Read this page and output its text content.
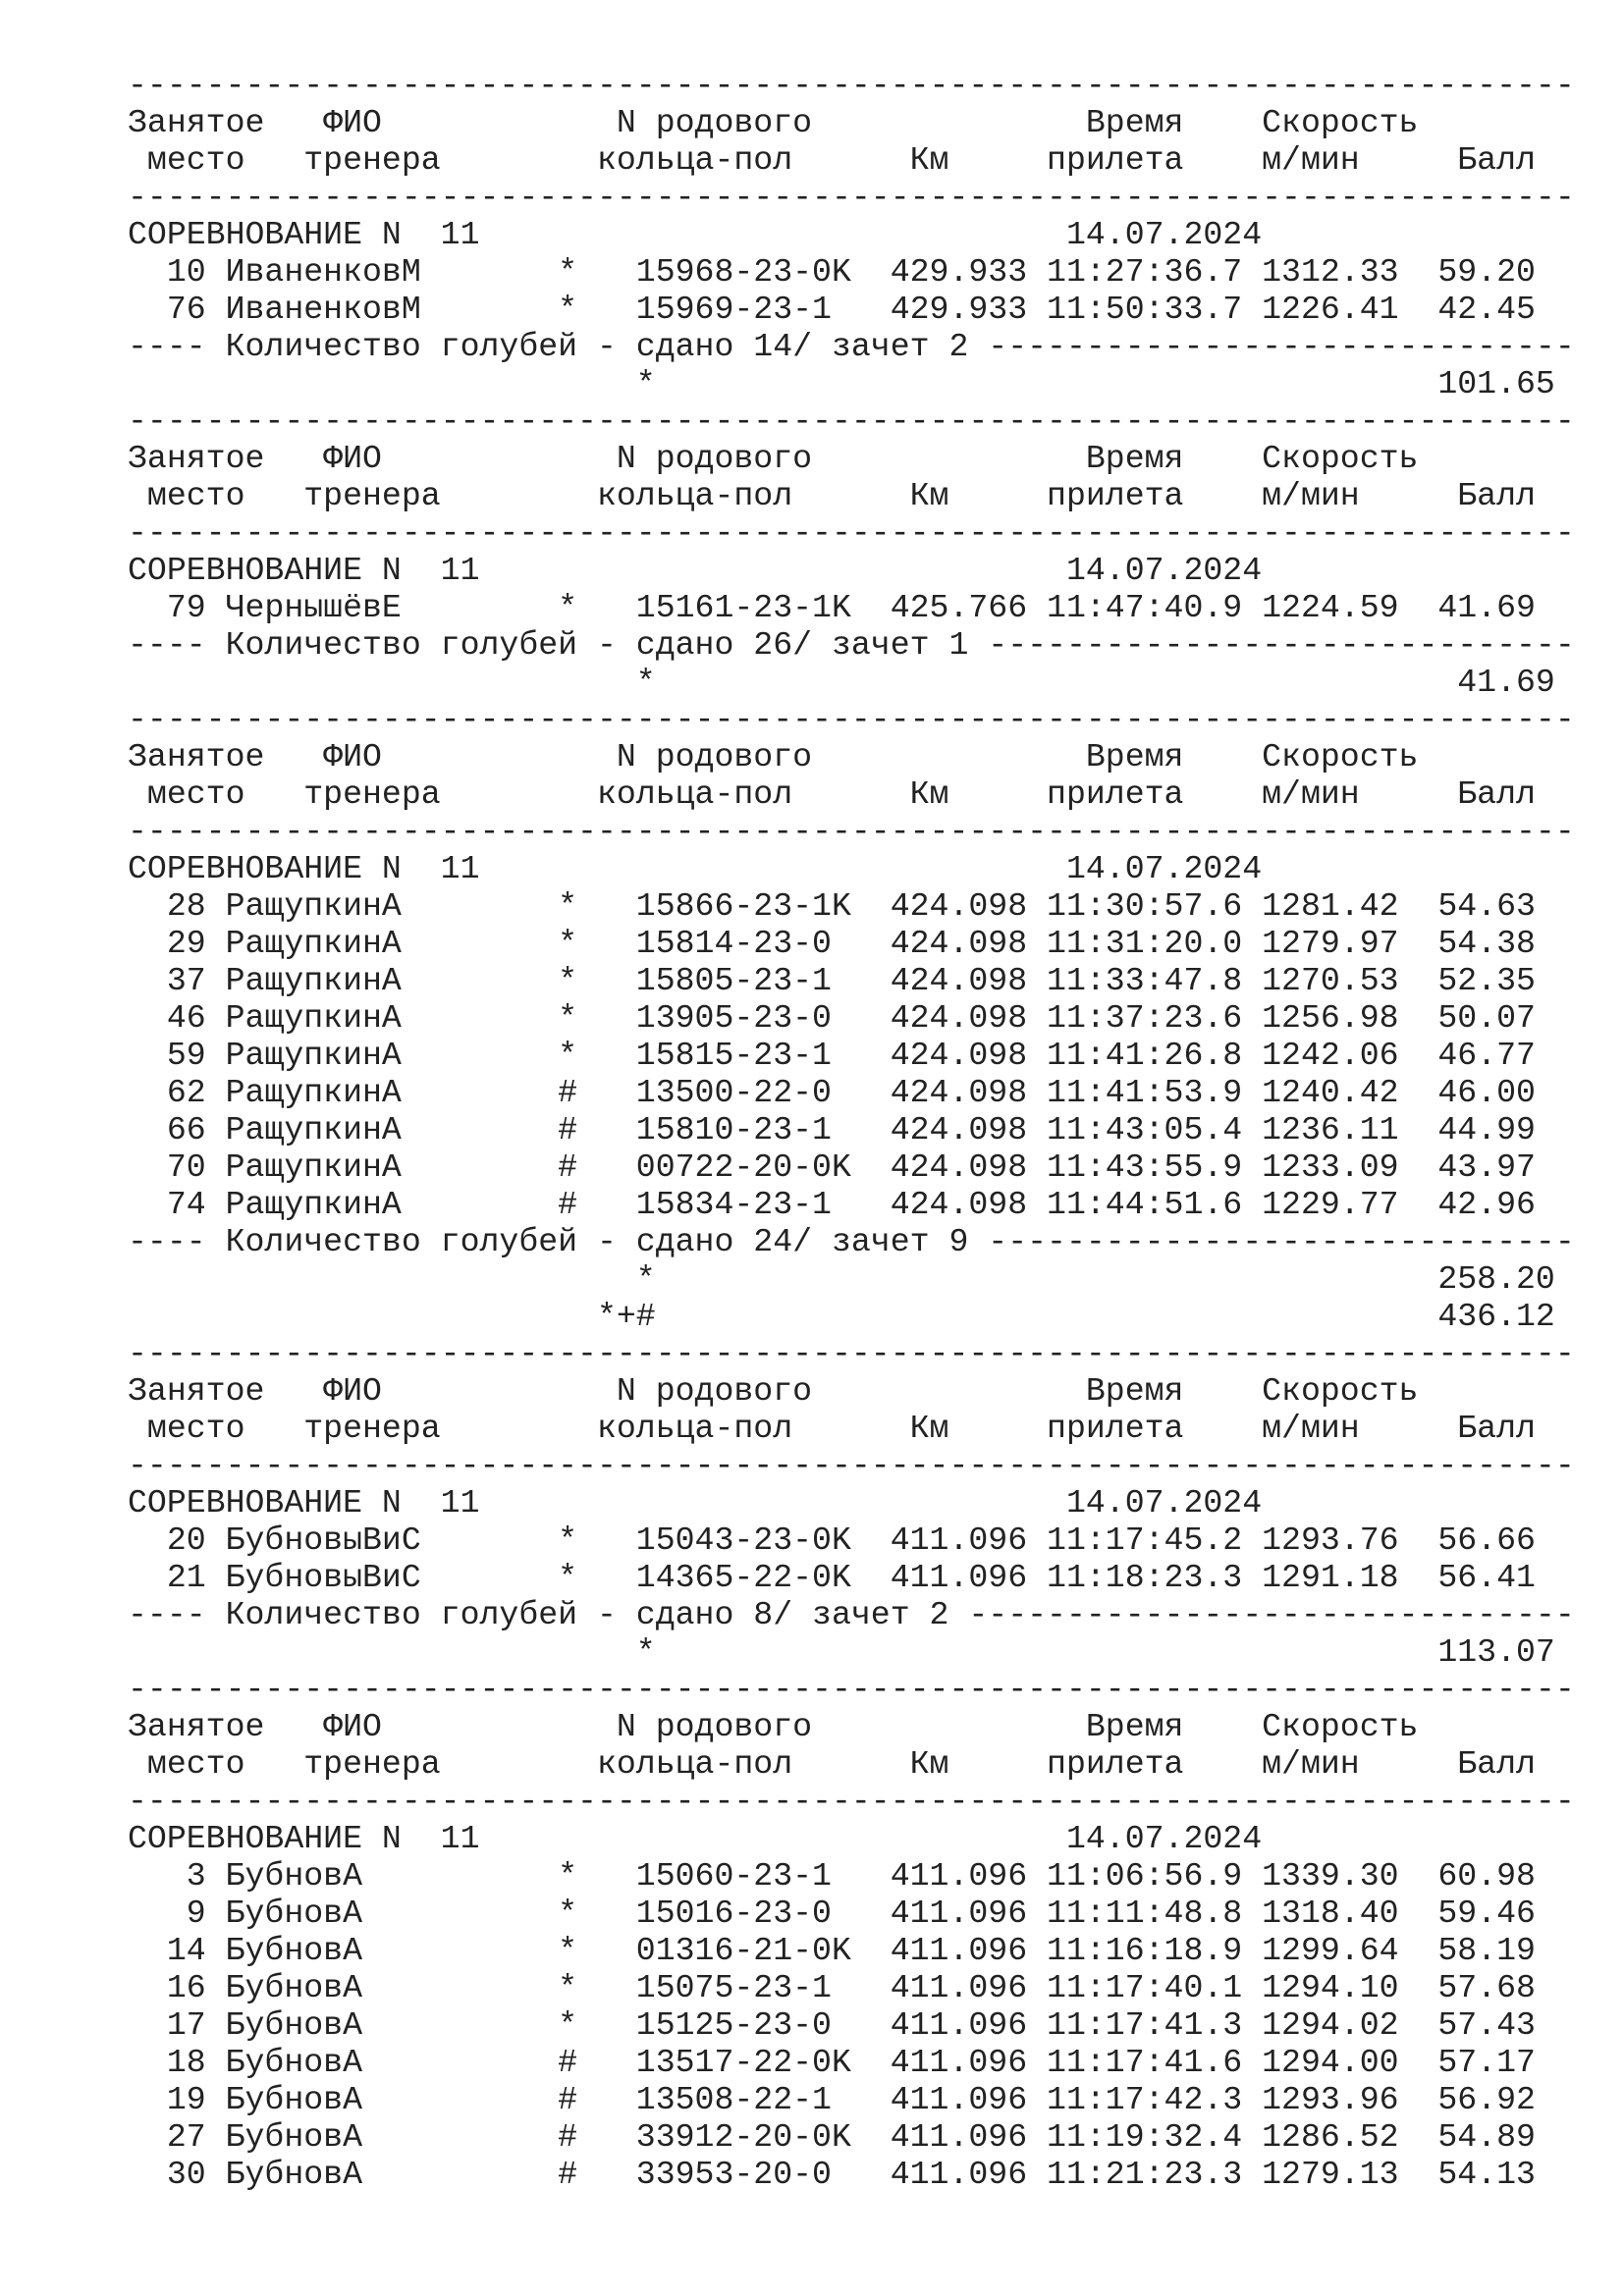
--------------------------------------------------------------------------
Занятое   ФИО            N родового              Время    Скорость
место   тренера        кольца-пол      Км     прилета    м/мин     Балл
--------------------------------------------------------------------------
СОРЕВНОВАНИЕ N  11                              14.07.2024
10 ИваненковМ       *   15968-23-0K  429.933 11:27:36.7 1312.33  59.20
76 ИваненковМ       *   15969-23-1   429.933 11:50:33.7 1226.41  42.45
---- Количество голубей - сдано 14/ зачет 2 ------------------------------
*                                        101.65
--------------------------------------------------------------------------
Занятое   ФИО            N родового              Время    Скорость
место   тренера        кольца-пол      Км     прилета    м/мин     Балл
--------------------------------------------------------------------------
СОРЕВНОВАНИЕ N  11                              14.07.2024
79 ЧернышёвЕ        *   15161-23-1K  425.766 11:47:40.9 1224.59  41.69
---- Количество голубей - сдано 26/ зачет 1 ------------------------------
*                                         41.69
--------------------------------------------------------------------------
Занятое   ФИО            N родового              Время    Скорость
место   тренера        кольца-пол      Км     прилета    м/мин     Балл
--------------------------------------------------------------------------
СОРЕВНОВАНИЕ N  11                              14.07.2024
28 РащупкинА        *   15866-23-1K  424.098 11:30:57.6 1281.42  54.63
29 РащупкинА        *   15814-23-0   424.098 11:31:20.0 1279.97  54.38
37 РащупкинА        *   15805-23-1   424.098 11:33:47.8 1270.53  52.35
46 РащупкинА        *   13905-23-0   424.098 11:37:23.6 1256.98  50.07
59 РащупкинА        *   15815-23-1   424.098 11:41:26.8 1242.06  46.77
62 РащупкинА        #   13500-22-0   424.098 11:41:53.9 1240.42  46.00
66 РащупкинА        #   15810-23-1   424.098 11:43:05.4 1236.11  44.99
70 РащупкинА        #   00722-20-0K  424.098 11:43:55.9 1233.09  43.97
74 РащупкинА        #   15834-23-1   424.098 11:44:51.6 1229.77  42.96
---- Количество голубей - сдано 24/ зачет 9 ------------------------------
*                                        258.20
*+#                                        436.12
--------------------------------------------------------------------------
Занятое   ФИО            N родового              Время    Скорость
место   тренера        кольца-пол      Км     прилета    м/мин     Балл
--------------------------------------------------------------------------
СОРЕВНОВАНИЕ N  11                              14.07.2024
20 БубновыВиС       *   15043-23-0K  411.096 11:17:45.2 1293.76  56.66
21 БубновыВиС       *   14365-22-0K  411.096 11:18:23.3 1291.18  56.41
---- Количество голубей - сдано 8/ зачет 2 -------------------------------
*                                        113.07
--------------------------------------------------------------------------
Занятое   ФИО            N родового              Время    Скорость
место   тренера        кольца-пол      Км     прилета    м/мин     Балл
--------------------------------------------------------------------------
СОРЕВНОВАНИЕ N  11                              14.07.2024
3 БубновА          *   15060-23-1   411.096 11:06:56.9 1339.30  60.98
9 БубновА          *   15016-23-0   411.096 11:11:48.8 1318.40  59.46
14 БубновА          *   01316-21-0K  411.096 11:16:18.9 1299.64  58.19
16 БубновА          *   15075-23-1   411.096 11:17:40.1 1294.10  57.68
17 БубновА          *   15125-23-0   411.096 11:17:41.3 1294.02  57.43
18 БубновА          #   13517-22-0K  411.096 11:17:41.6 1294.00  57.17
19 БубновА          #   13508-22-1   411.096 11:17:42.3 1293.96  56.92
27 БубновА          #   33912-20-0K  411.096 11:19:32.4 1286.52  54.89
30 БубновА          #   33953-20-0   411.096 11:21:23.3 1279.13  54.13
